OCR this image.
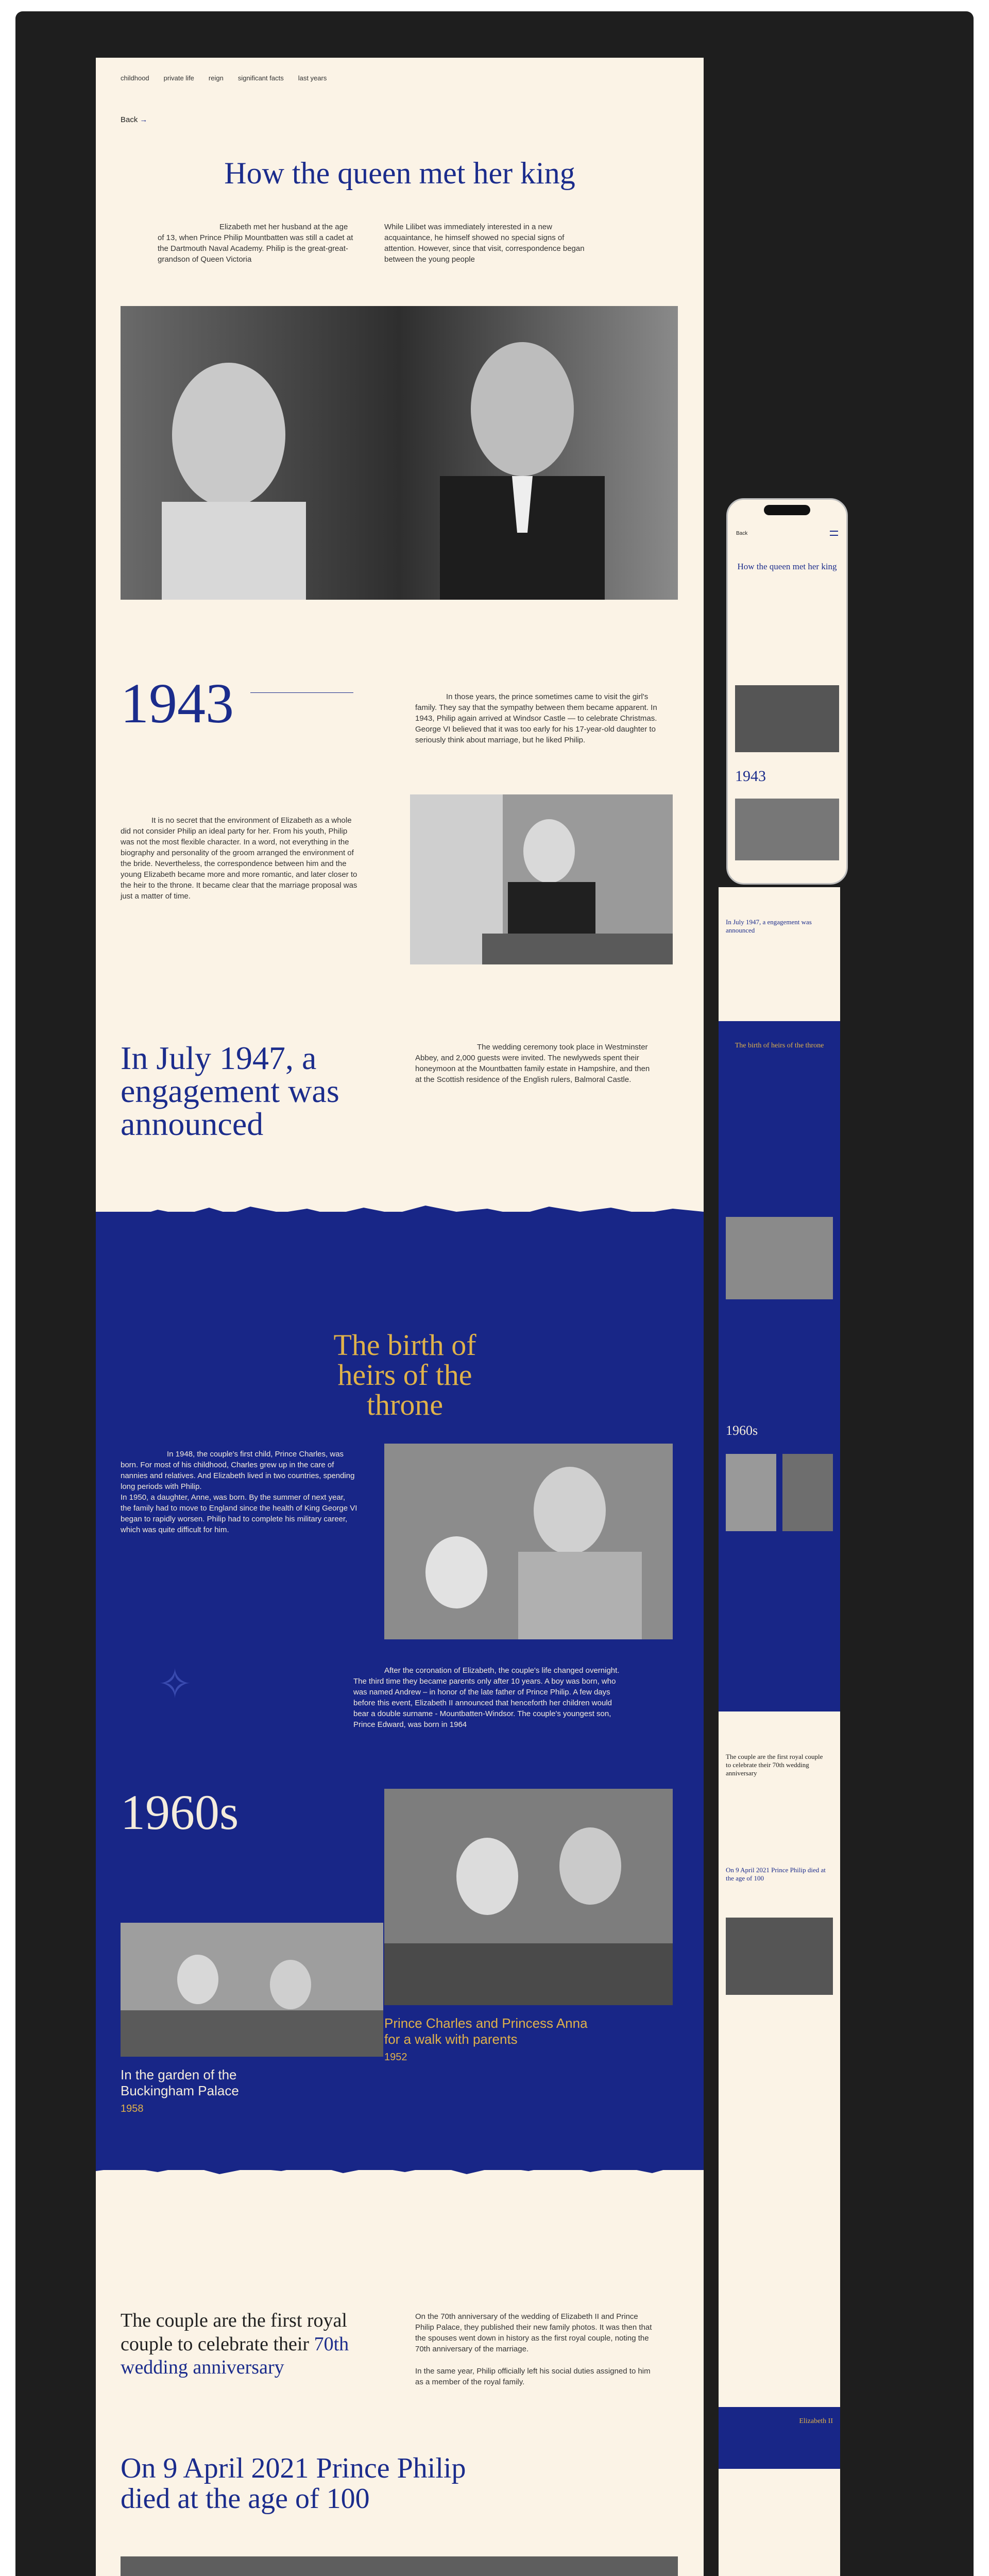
childhood private life reign significant facts last years
Back →
How the queen met her king

Elizabeth met her husband at the age of 13, when Prince Philip Mountbatten was still a cadet at the Dartmouth Naval Academy. Philip is the great-great-grandson of Queen Victoria

While Lilibet was immediately interested in a new acquaintance, he himself showed no special signs of attention. However, since that visit, correspondence began between the young people

1943	In those years, the prince sometimes came to visit the girl's family. They say that the sympathy between them became apparent. In 1943, Philip again arrived at Windsor Castle — to celebrate Christmas. George VI believed that it was too early for his 17-year-old daughter to seriously think about marriage, but he liked Philip.

It is no secret that the environment of Elizabeth as a whole did not consider Philip an ideal party for her. From his youth, Philip was not the most flexible character. In a word, not everything in the biography and personality of the groom arranged the environment of the bride. Nevertheless, the correspondence between him and the young Elizabeth became more and more romantic, and later closer to the heir to the throne. It became clear that the marriage proposal was just a matter of time.

In July 1947, a engagement was announced

The wedding ceremony took place in Westminster Abbey, and 2,000 guests were invited. The newlyweds spent their honeymoon at the Mountbatten family estate in Hampshire, and then at the Scottish residence of the English rulers, Balmoral Castle.

The birth of heirs of the throne

In 1948, the couple's first child, Prince Charles, was born. For most of his childhood, Charles grew up in the care of nannies and relatives. And Elizabeth lived in two countries, spending long periods with Philip.
In 1950, a daughter, Anne, was born. By the summer of next year, the family had to move to England since the health of King George VI began to rapidly worsen. Philip had to complete his military career, which was quite difficult for him.

✧	After the coronation of Elizabeth, the couple's life changed overnight. The third time they became parents only after 10 years. A boy was born, who was named Andrew – in honor of the late father of Prince Philip. A few days before this event, Elizabeth II announced that henceforth her children would bear a double surname - Mountbatten-Windsor. The couple's youngest son, Prince Edward, was born in 1964

1960s
In the garden of the Buckingham Palace
1958
Prince Charles and Princess Anna for a walk with parents
1952
The couple are the first royal couple to celebrate their 70th wedding anniversary

On the 70th anniversary of the wedding of Elizabeth II and Prince Philip Palace, they published their new family photos. It was then that the spouses went down in history as the first royal couple, noting the 70th anniversary of the marriage.

In the same year, Philip officially left his social duties assigned to him as a member of the royal family.

On 9 April 2021 Prince Philip died at the age of 100

Back
How the queen met her king
1943
In July 1947, a engagement was announced
The birth of heirs of the throne
1960s
The couple are the first royal couple to celebrate their 70th wedding anniversary
On 9 April 2021 Prince Philip died at the age of 100
Elizabeth II
